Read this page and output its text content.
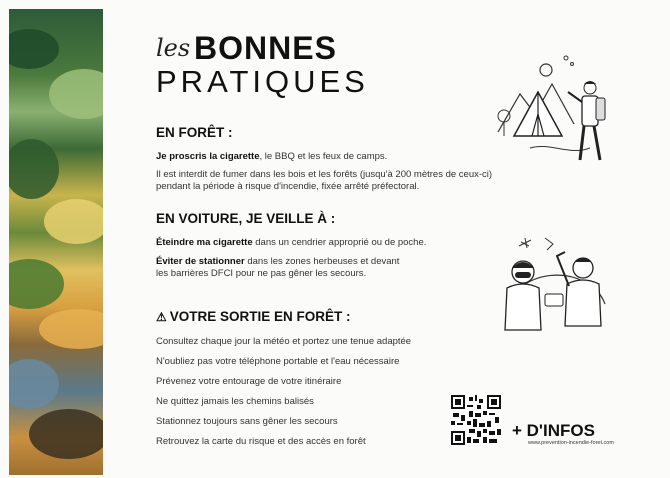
les BONNES
PRATIQUES
EN FORÊT :

Je proscris la cigarette, le BBQ et les feux de camps.

Il est interdit de fumer dans les bois et les forêts (jusqu'à 200 mètres de ceux-ci)

pendant la période à risque d'incendie, fixée arrêté préfectoral.

EN VOITURE, JE VEILLE À :

Éteindre ma cigarette dans un cendrier approprié ou de poche.

Éviter de stationner dans les zones herbeuses et devant

les barrières DFCI pour ne pas gêner les secours.

⚠ VOTRE SORTIE EN FORÊT :

Consultez chaque jour la météo et portez une tenue adaptée

N'oubliez pas votre téléphone portable et l'eau nécessaire

Prévenez votre entourage de votre itinéraire

Ne quittez jamais les chemins balisés

Stationnez toujours sans gêner les secours

Retrouvez la carte du risque et des accès en forêt

+ D'INFOS
www.prevention-incendie-foret.com
